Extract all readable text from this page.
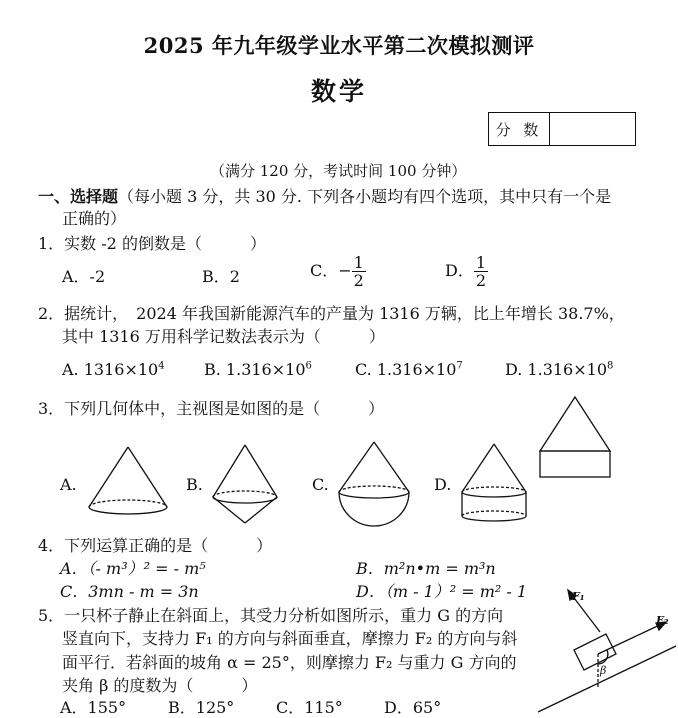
2025 年九年级学业水平第二次模拟测评
数学
分 数
（满分 120 分，考试时间 100 分钟）
一、选择题（每小题 3 分，共 30 分. 下列各小题均有四个选项，其中只有一个是
正确的）
1．实数 -2 的倒数是（　　　）
A．-2	B．2	C．− $\frac{1}{2}$	D． $\frac{1}{2}$
2．据统计，　2024 年我国新能源汽车的产量为 1316 万辆，比上年增长 38.7%，
其中 1316 万用科学记数法表示为（　　　）
A. $1316\times 10^4$ B. $1.316\times 10^6$	C. $1.316\times 10^7$	D. $1.316\times 10^8$
3．下列几何体中，主视图是如图的是（　　　）
A.	B.	C.	D.
4．下列运算正确的是（　　　）
A．（- m³）² = - m⁵	B．m²n•m = m³n
C．3mn - m = 3n	D．（m - 1）² = m² - 1
5．一只杯子静止在斜面上，其受力分析如图所示，重力 G 的方向
竖直向下，支持力 F₁ 的方向与斜面垂直，摩擦力 F₂ 的方向与斜
面平行．若斜面的坡角 α = 25°，则摩擦力 F₂ 与重力 G 方向的
夹角 β 的度数为（　　　）
A．155°	B．125°	C．115°	D．65°
F₁
F₂
β
